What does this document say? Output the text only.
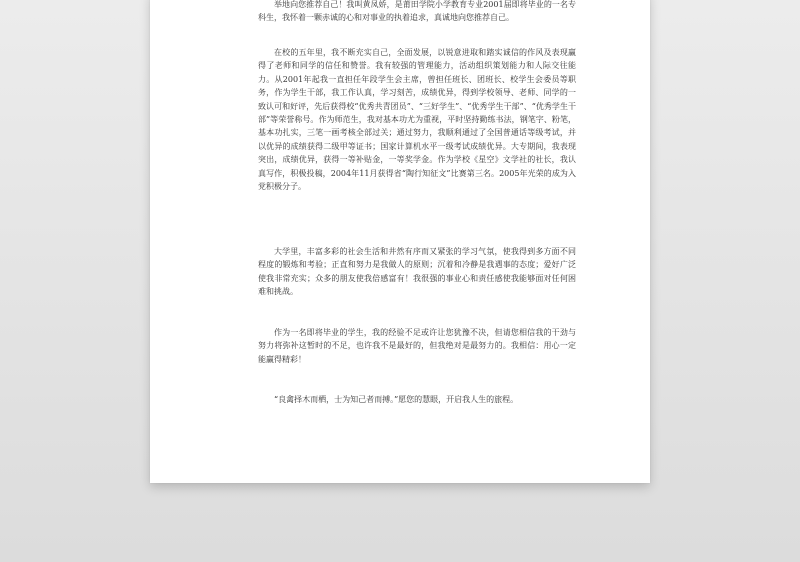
举地向您推荐自己！我叫黄凤娇，是莆田学院小学教育专业2001届即将毕业的一名专科生，我怀着一颗赤诚的心和对事业的执着追求，真诚地向您推荐自己。

在校的五年里，我不断充实自己，全面发展，以锐意进取和踏实诚信的作风及表现赢得了老师和同学的信任和赞誉。我有较强的管理能力，活动组织策划能力和人际交往能力。从2001年起我一直担任年段学生会主席，曾担任班长、团班长、校学生会委员等职务，作为学生干部，我工作认真，学习刻苦，成绩优异，得到学校领导、老师、同学的一致认可和好评，先后获得校“优秀共青团员”、“三好学生”、“优秀学生干部”、“优秀学生干部”等荣誉称号。作为师范生，我对基本功尤为重视，平时坚持勤练书法，钢笔字、粉笔，基本功扎实，三笔一画考核全部过关；通过努力，我顺利通过了全国普通话等级考试，并以优异的成绩获得二级甲等证书；国家计算机水平一级考试成绩优异。大专期间，我表现突出，成绩优异，获得一等补贴金，一等奖学金。作为学校《星空》文学社的社长，我认真写作，积极投稿，2004年11月获得省“陶行知征文”比赛第三名。2005年光荣的成为入党积极分子。

大学里，丰富多彩的社会生活和井然有序而又紧张的学习气氛，使我得到多方面不同程度的锻炼和考验；正直和努力是我做人的原则；沉着和冷静是我遇事的态度；爱好广泛使我非常充实；众多的朋友使我倍感富有！我很强的事业心和责任感使我能够面对任何困难和挑战。

作为一名即将毕业的学生，我的经验不足或许让您犹豫不决，但请您相信我的干劲与努力将弥补这暂时的不足，也许我不是最好的，但我绝对是最努力的。我相信：用心一定能赢得精彩！

“良禽择木而栖，士为知己者而搏。”愿您的慧眼，开启我人生的旅程。
